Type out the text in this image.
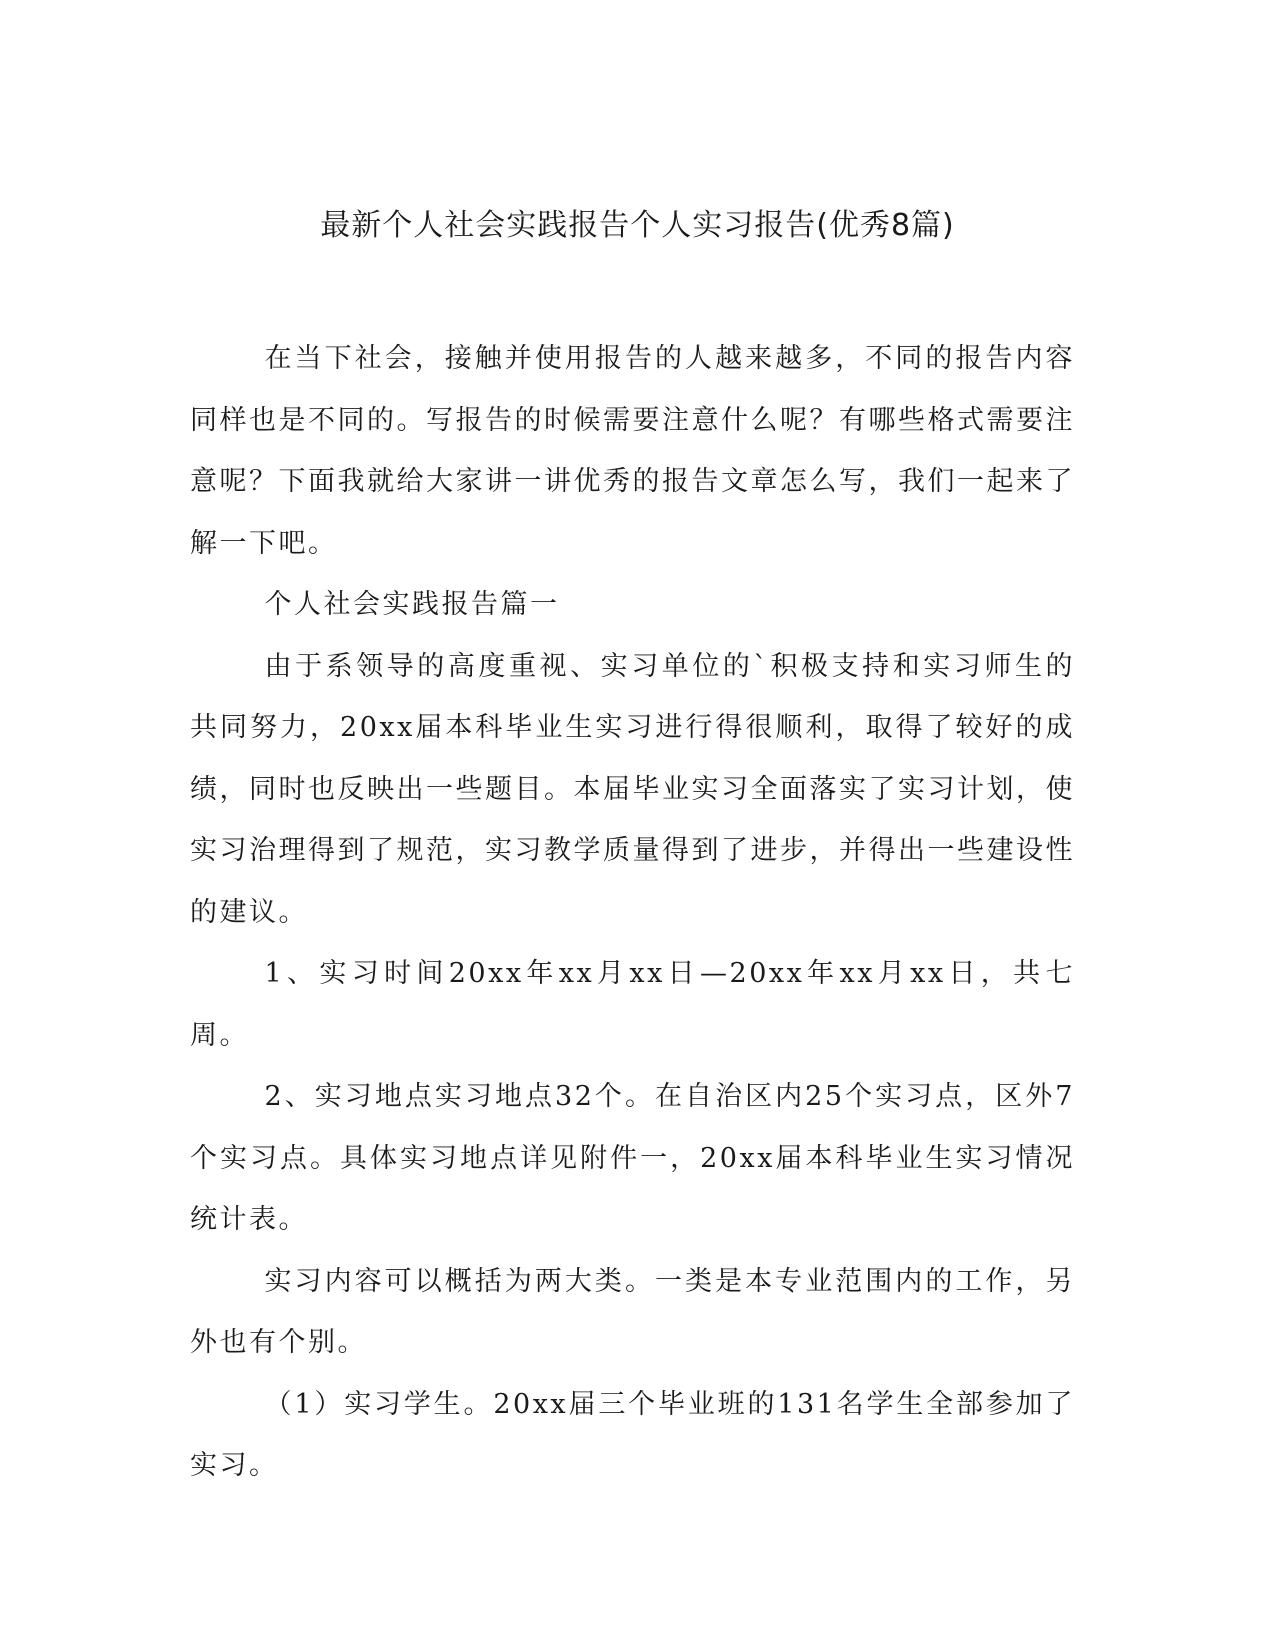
最新个人社会实践报告个人实习报告(优秀8篇)

在当下社会，接触并使用报告的人越来越多，不同的报告内容同样也是不同的。写报告的时候需要注意什么呢？有哪些格式需要注意呢？下面我就给大家讲一讲优秀的报告文章怎么写，我们一起来了解一下吧。

个人社会实践报告篇一

由于系领导的高度重视、实习单位的`积极支持和实习师生的共同努力，20xx届本科毕业生实习进行得很顺利，取得了较好的成绩，同时也反映出一些题目。本届毕业实习全面落实了实习计划，使实习治理得到了规范，实习教学质量得到了进步，并得出一些建设性的建议。

1、实习时间20xx年xx月xx日—20xx年xx月xx日，共七周。

2、实习地点实习地点32个。在自治区内25个实习点，区外7个实习点。具体实习地点详见附件一，20xx届本科毕业生实习情况统计表。

实习内容可以概括为两大类。一类是本专业范围内的工作，另外也有个别。

（1）实习学生。20xx届三个毕业班的131名学生全部参加了实习。
